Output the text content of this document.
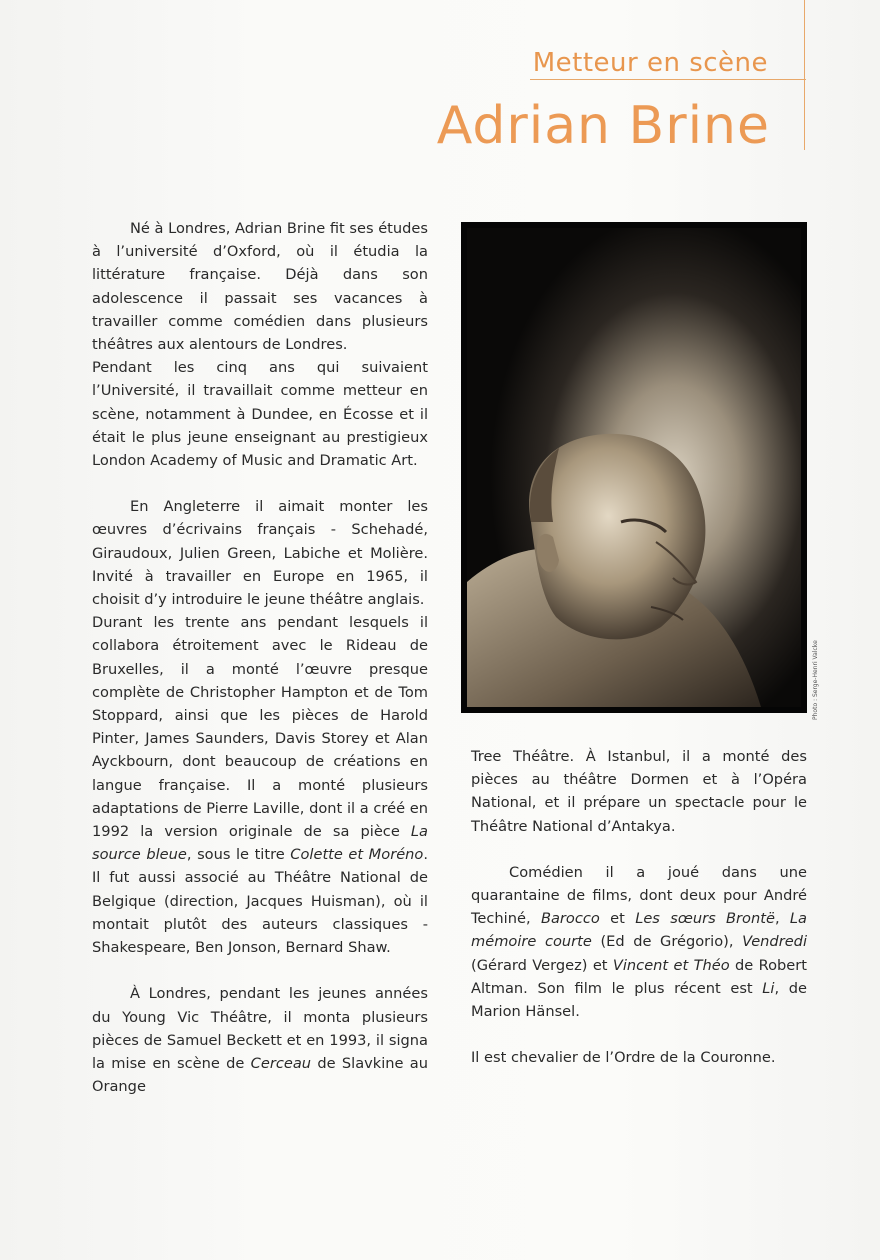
Metteur en scène
Adrian Brine

Né à Londres, Adrian Brine fit ses études à l’université d’Oxford, où il étudia la littérature française. Déjà dans son adolescence il passait ses vacances à travailler comme comédien dans plusieurs théâtres aux alentours de Londres.

Pendant les cinq ans qui suivaient l’Université, il travaillait comme metteur en scène, notamment à Dundee, en Écosse et il était le plus jeune enseignant au prestigieux London Academy of Music and Dramatic Art.

En Angleterre il aimait monter les œuvres d’écrivains français - Schehadé, Giraudoux, Julien Green, Labiche et Molière. Invité à travailler en Europe en 1965, il choisit d’y introduire le jeune théâtre anglais.

Durant les trente ans pendant lesquels il collabora étroitement avec le Rideau de Bruxelles, il a monté l’œuvre presque complète de Christopher Hampton et de Tom Stoppard, ainsi que les pièces de Harold Pinter, James Saunders, Davis Storey et Alan Ayckbourn, dont beaucoup de créations en langue française. Il a monté plusieurs adaptations de Pierre Laville, dont il a créé en 1992 la version originale de sa pièce La source bleue, sous le titre Colette et Moréno. Il fut aussi associé au Théâtre National de Belgique (direction, Jacques Huisman), où il montait plutôt des auteurs classiques - Shakespeare, Ben Jonson, Bernard Shaw.

À Londres, pendant les jeunes années du Young Vic Théâtre, il monta plusieurs pièces de Samuel Beckett et en 1993, il signa la mise en scène de Cerceau de Slavkine au Orange

Photo : Serge-Henri Valcke

Tree Théâtre. À Istanbul, il a monté des pièces au théâtre Dormen et à l’Opéra National, et il prépare un spectacle pour le Théâtre National d’Antakya.

Comédien il a joué dans une quarantaine de films, dont deux pour André Techiné, Barocco et Les sœurs Brontë, La mémoire courte (Ed de Grégorio), Vendredi (Gérard Vergez) et Vincent et Théo de Robert Altman. Son film le plus récent est Li, de Marion Hänsel.

Il est chevalier de l’Ordre de la Couronne.
